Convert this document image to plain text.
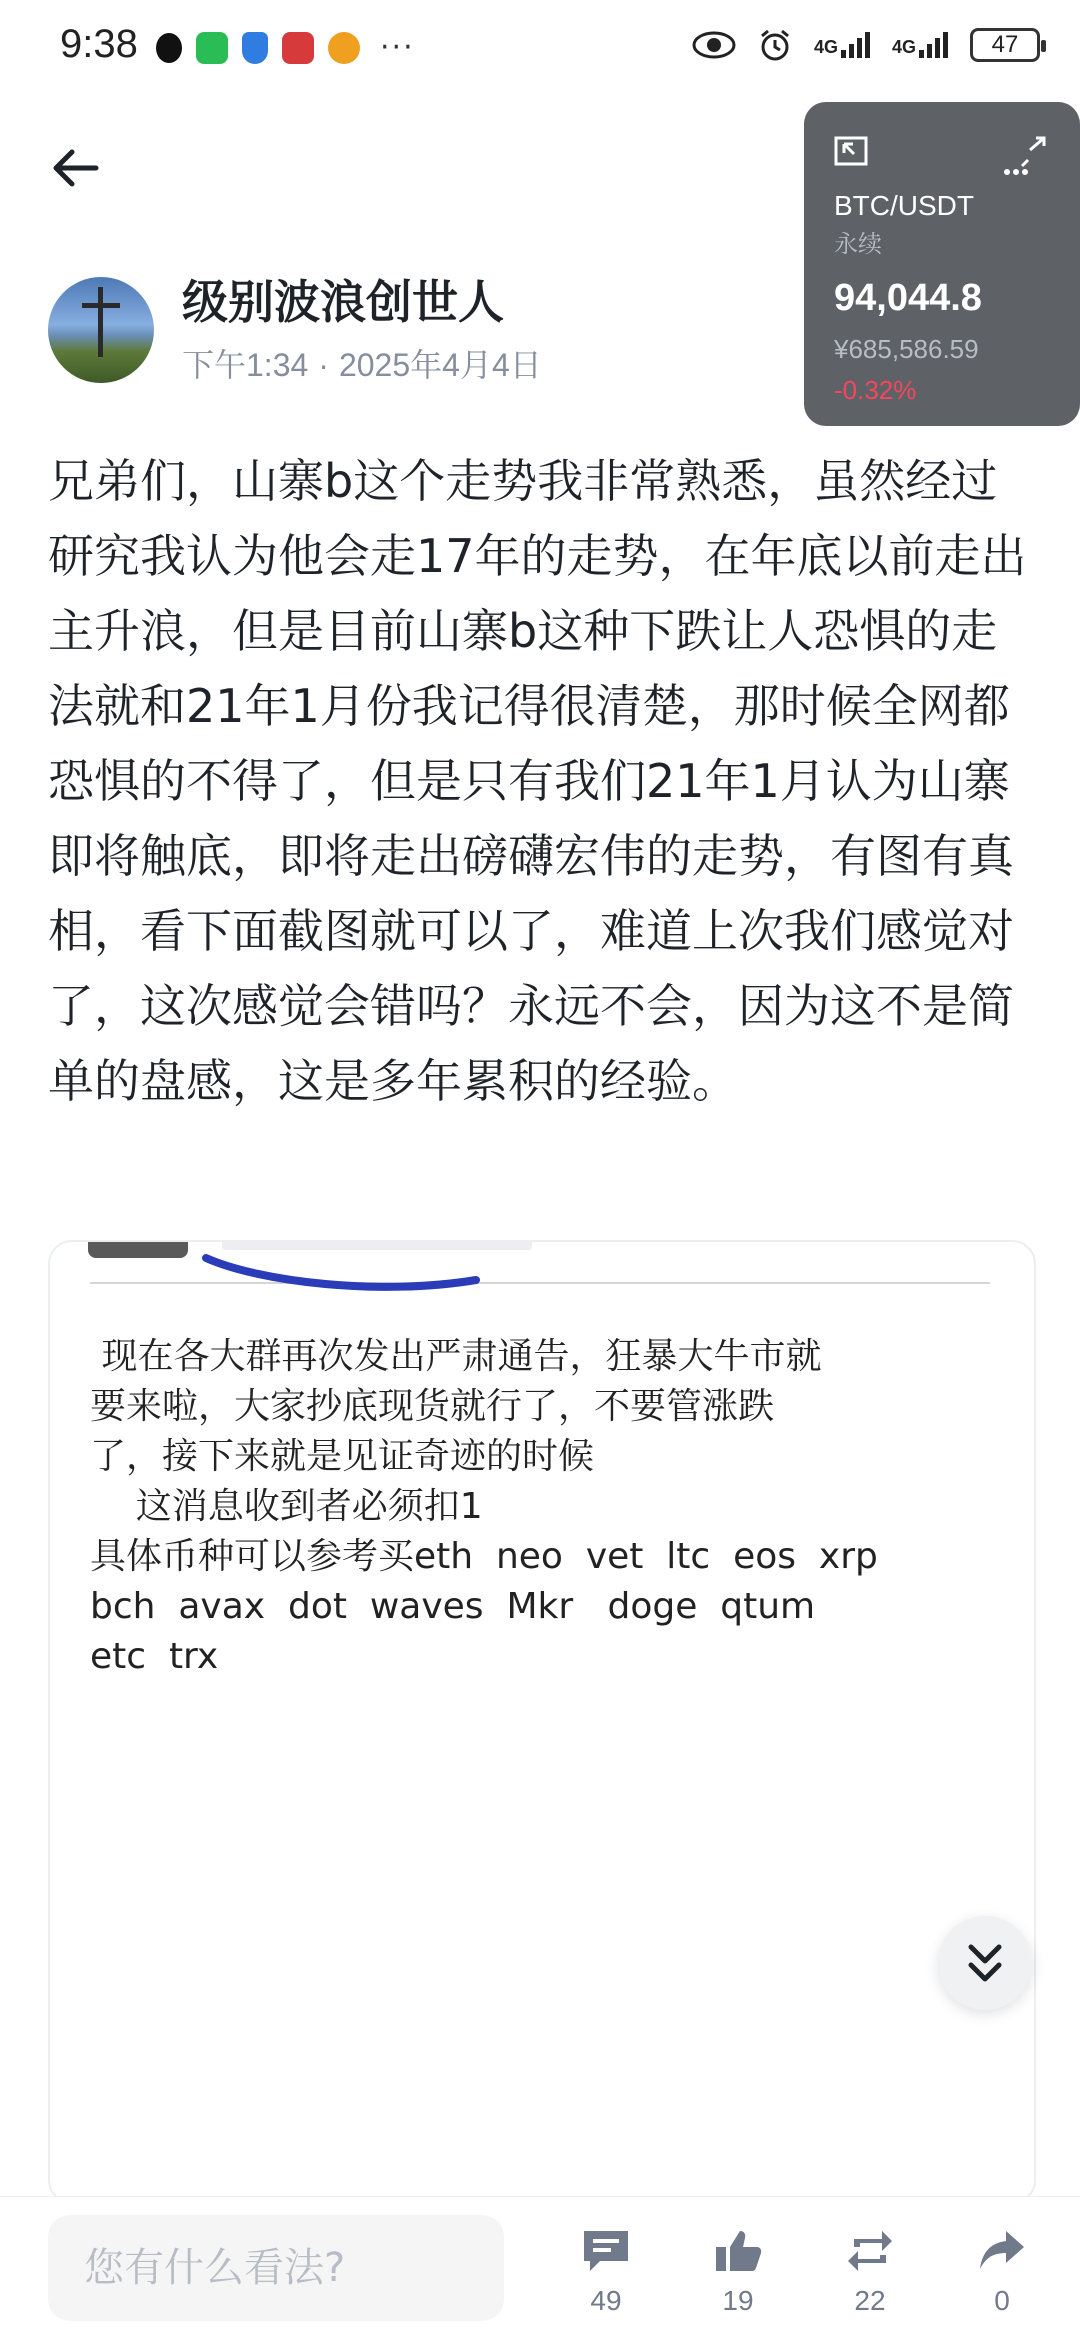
9:38	···	4G	4G	47
级别波浪创世人
下午1:34 · 2025年4月4日
BTC/USDT
永续
94,044.8
¥685,586.59
-0.32%
兄弟们，山寨b这个走势我非常熟悉，虽然经过研究我认为他会走17年的走势，在年底以前走出主升浪，但是目前山寨b这种下跌让人恐惧的走法就和21年1月份我记得很清楚，那时候全网都恐惧的不得了，但是只有我们21年1月认为山寨即将触底，即将走出磅礴宏伟的走势，有图有真相，看下面截图就可以了，难道上次我们感觉对了，这次感觉会错吗？永远不会，因为这不是简单的盘感，这是多年累积的经验。
现在各大群再次发出严肃通告，狂暴大牛市就
要来啦，大家抄底现货就行了，不要管涨跌
了，接下来就是见证奇迹的时候
这消息收到者必须扣1
具体币种可以参考买eth  neo  vet  ltc  eos  xrp
bch  avax  dot  waves  Mkr   doge  qtum
etc  trx
您有什么看法?
49	19	22	0
